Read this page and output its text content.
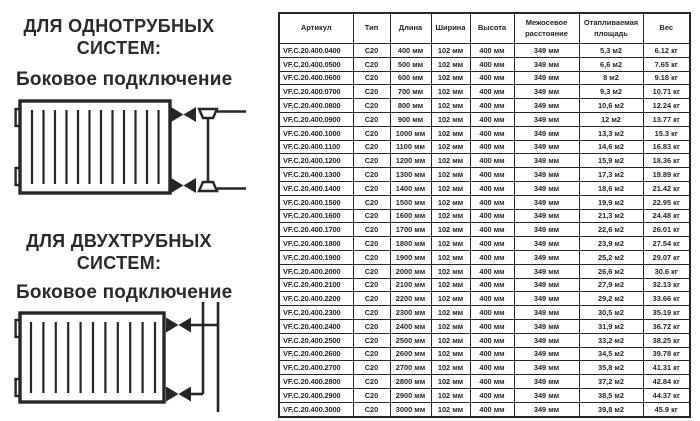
ДЛЯ ОДНОТРУБНЫХ
СИСТЕМ:
Боковое подключение
ДЛЯ ДВУХТРУБНЫХ
СИСТЕМ:
Боковое подключение
Артикул	Тип	Длина	Ширина	Высота	Межосевое расстояние	Отапливаемая площадь	Вес
VF.C.20.400.0400	C20	400 мм	102 мм	400 мм	349 мм	5,3 м2	6.12 кг
VF.C.20.400.0500	C20	500 мм	102 мм	400 мм	349 мм	6,6 м2	7.65 кг
VF.C.20.400.0600	C20	600 мм	102 мм	400 мм	349 мм	8 м2	9.18 кг
VF.C.20.400.0700	C20	700 мм	102 мм	400 мм	349 мм	9,3 м2	10.71 кг
VF.C.20.400.0800	C20	800 мм	102 мм	400 мм	349 мм	10,6 м2	12.24 кг
VF.C.20.400.0900	C20	900 мм	102 мм	400 мм	349 мм	12 м2	13.77 кг
VF.C.20.400.1000	C20	1000 мм	102 мм	400 мм	349 мм	13,3 м2	15.3 кг
VF.C.20.400.1100	C20	1100 мм	102 мм	400 мм	349 мм	14,6 м2	16.83 кг
VF.C.20.400.1200	C20	1200 мм	102 мм	400 мм	349 мм	15,9 м2	18.36 кг
VF.C.20.400.1300	C20	1300 мм	102 мм	400 мм	349 мм	17,3 м2	19.89 кг
VF.C.20.400.1400	C20	1400 мм	102 мм	400 мм	349 мм	18,6 м2	21.42 кг
VF.C.20.400.1500	C20	1500 мм	102 мм	400 мм	349 мм	19,9 м2	22.95 кг
VF.C.20.400.1600	C20	1600 мм	102 мм	400 мм	349 мм	21,3 м2	24.48 кг
VF.C.20.400.1700	C20	1700 мм	102 мм	400 мм	349 мм	22,6 м2	26.01 кг
VF.C.20.400.1800	C20	1800 мм	102 мм	400 мм	349 мм	23,9 м2	27.54 кг
VF.C.20.400.1900	C20	1900 мм	102 мм	400 мм	349 мм	25,2 м2	29.07 кг
VF.C.20.400.2000	C20	2000 мм	102 мм	400 мм	349 мм	26,6 м2	30.6 кг
VF.C.20.400.2100	C20	2100 мм	102 мм	400 мм	349 мм	27,9 м2	32.13 кг
VF.C.20.400.2200	C20	2200 мм	102 мм	400 мм	349 мм	29,2 м2	33.66 кг
VF.C.20.400.2300	C20	2300 мм	102 мм	400 мм	349 мм	30,5 м2	35.19 кг
VF.C.20.400.2400	C20	2400 мм	102 мм	400 мм	349 мм	31,9 м2	36.72 кг
VF.C.20.400.2500	C20	2500 мм	102 мм	400 мм	349 мм	33,2 м2	38.25 кг
VF.C.20.400.2600	C20	2600 мм	102 мм	400 мм	349 мм	34,5 м2	39.78 кг
VF.C.20.400.2700	C20	2700 мм	102 мм	400 мм	349 мм	35,8 м2	41.31 кг
VF.C.20.400.2800	C20	2800 мм	102 мм	400 мм	349 мм	37,2 м2	42.84 кг
VF.C.20.400.2900	C20	2900 мм	102 мм	400 мм	349 мм	38,5 м2	44.37 кг
VF.C.20.400.3000	C20	3000 мм	102 мм	400 мм	349 мм	39,8 м2	45.9 кг
